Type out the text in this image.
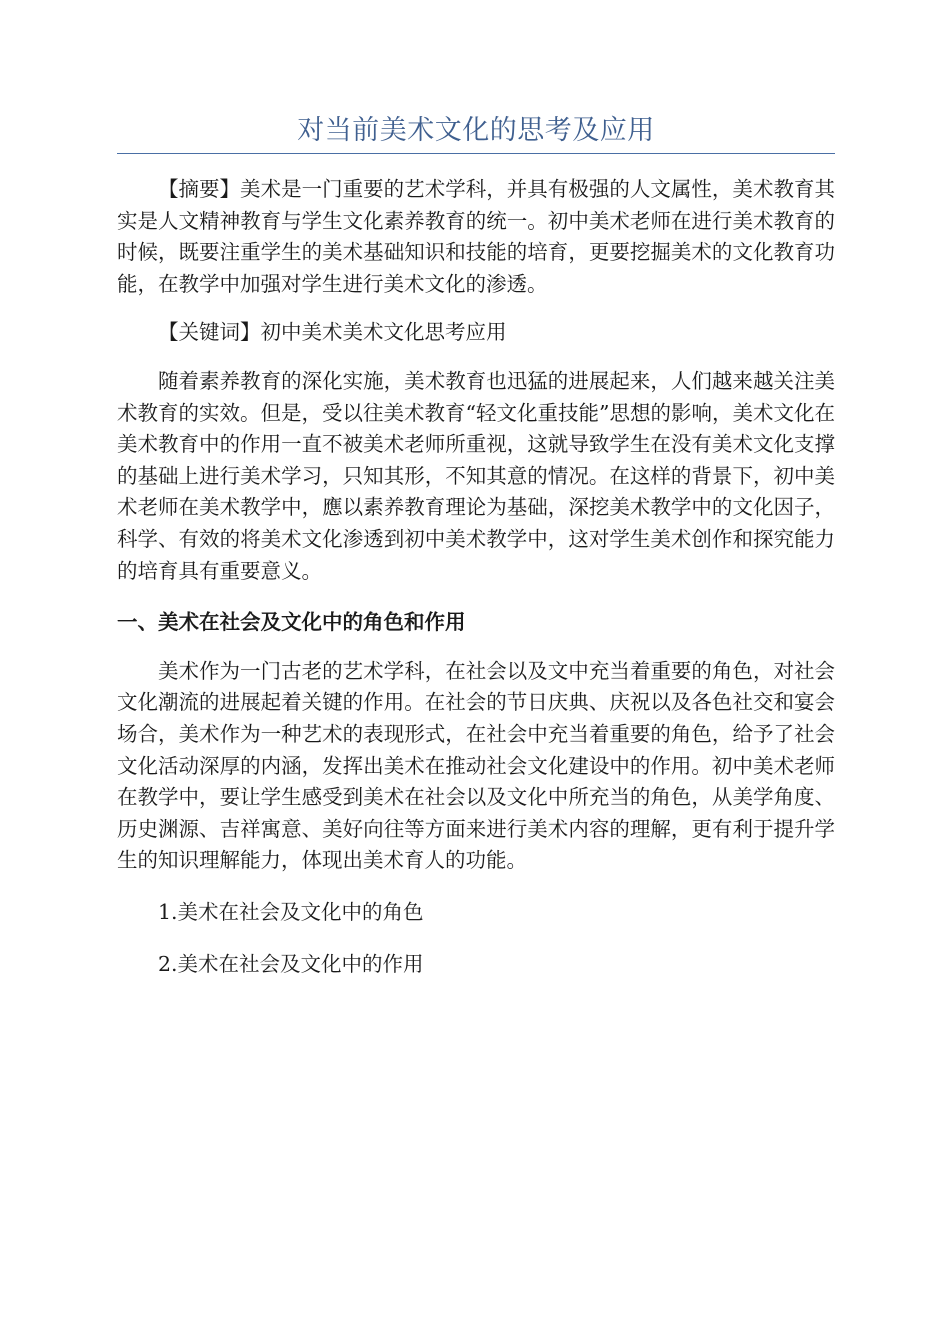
对当前美术文化的思考及应用

【摘要】美术是一门重要的艺术学科，并具有极强的人文属性，美术教育其实是人文精神教育与学生文化素养教育的统一。初中美术老师在进行美术教育的时候，既要注重学生的美术基础知识和技能的培育，更要挖掘美术的文化教育功能，在教学中加强对学生进行美术文化的渗透。

【关键词】初中美术美术文化思考应用

随着素养教育的深化实施，美术教育也迅猛的进展起来，人们越来越关注美术教育的实效。但是，受以往美术教育“轻文化重技能”思想的影响，美术文化在美术教育中的作用一直不被美术老师所重视，这就导致学生在没有美术文化支撑的基础上进行美术学习，只知其形，不知其意的情况。在这样的背景下，初中美术老师在美术教学中，應以素养教育理论为基础，深挖美术教学中的文化因子，科学、有效的将美术文化渗透到初中美术教学中，这对学生美术创作和探究能力的培育具有重要意义。

一、美术在社会及文化中的角色和作用

美术作为一门古老的艺术学科，在社会以及文中充当着重要的角色，对社会文化潮流的进展起着关键的作用。在社会的节日庆典、庆祝以及各色社交和宴会场合，美术作为一种艺术的表现形式，在社会中充当着重要的角色，给予了社会文化活动深厚的内涵，发挥出美术在推动社会文化建设中的作用。初中美术老师在教学中，要让学生感受到美术在社会以及文化中所充当的角色，从美学角度、历史渊源、吉祥寓意、美好向往等方面来进行美术内容的理解，更有利于提升学生的知识理解能力，体现出美术育人的功能。

1.美术在社会及文化中的角色

2.美术在社会及文化中的作用
